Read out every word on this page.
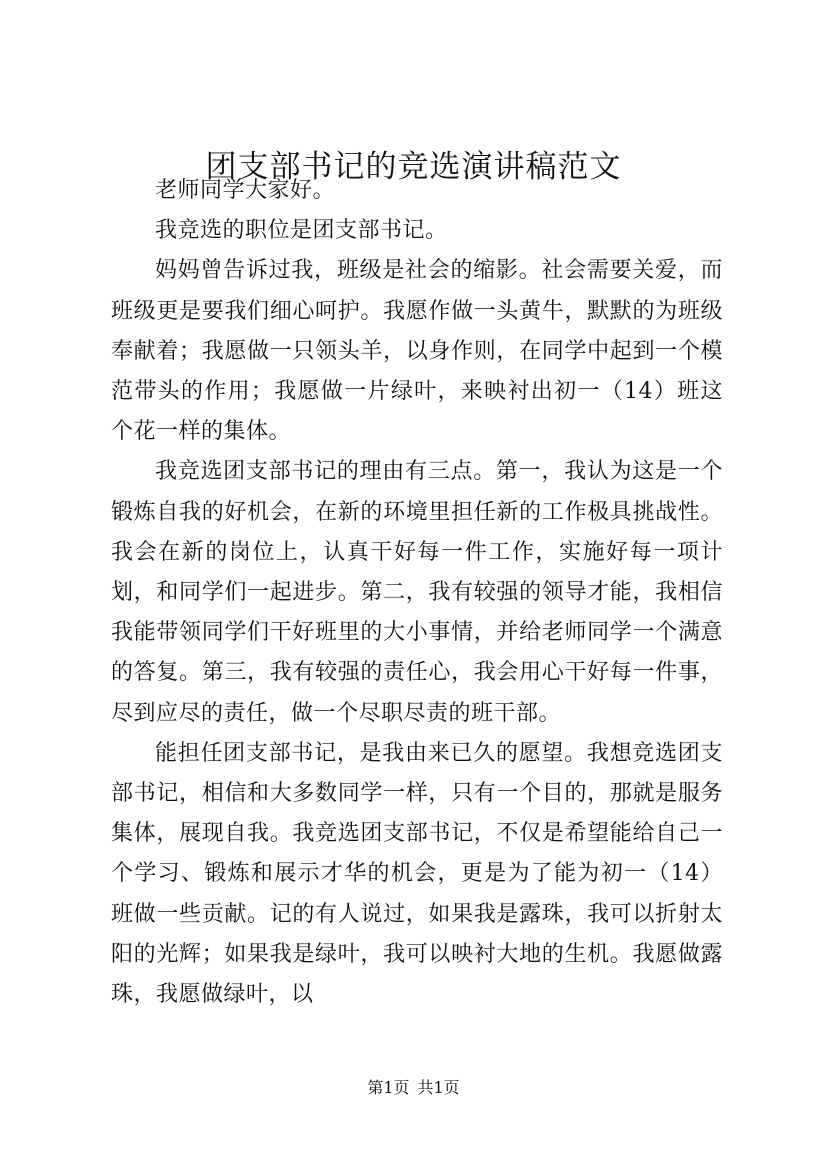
团支部书记的竞选演讲稿范文

老师同学大家好。

我竞选的职位是团支部书记。

妈妈曾告诉过我，班级是社会的缩影。社会需要关爱，而班级更是要我们细心呵护。我愿作做一头黄牛，默默的为班级奉献着；我愿做一只领头羊，以身作则，在同学中起到一个模范带头的作用；我愿做一片绿叶，来映衬出初一（14）班这个花一样的集体。

我竞选团支部书记的理由有三点。第一，我认为这是一个锻炼自我的好机会，在新的环境里担任新的工作极具挑战性。我会在新的岗位上，认真干好每一件工作，实施好每一项计划，和同学们一起进步。第二，我有较强的领导才能，我相信我能带领同学们干好班里的大小事情，并给老师同学一个满意的答复。第三，我有较强的责任心，我会用心干好每一件事，尽到应尽的责任，做一个尽职尽责的班干部。

能担任团支部书记，是我由来已久的愿望。我想竞选团支部书记，相信和大多数同学一样，只有一个目的，那就是服务集体，展现自我。我竞选团支部书记，不仅是希望能给自己一个学习、锻炼和展示才华的机会，更是为了能为初一（14）班做一些贡献。记的有人说过，如果我是露珠，我可以折射太阳的光辉；如果我是绿叶，我可以映衬大地的生机。我愿做露珠，我愿做绿叶，以

第1页 共1页
